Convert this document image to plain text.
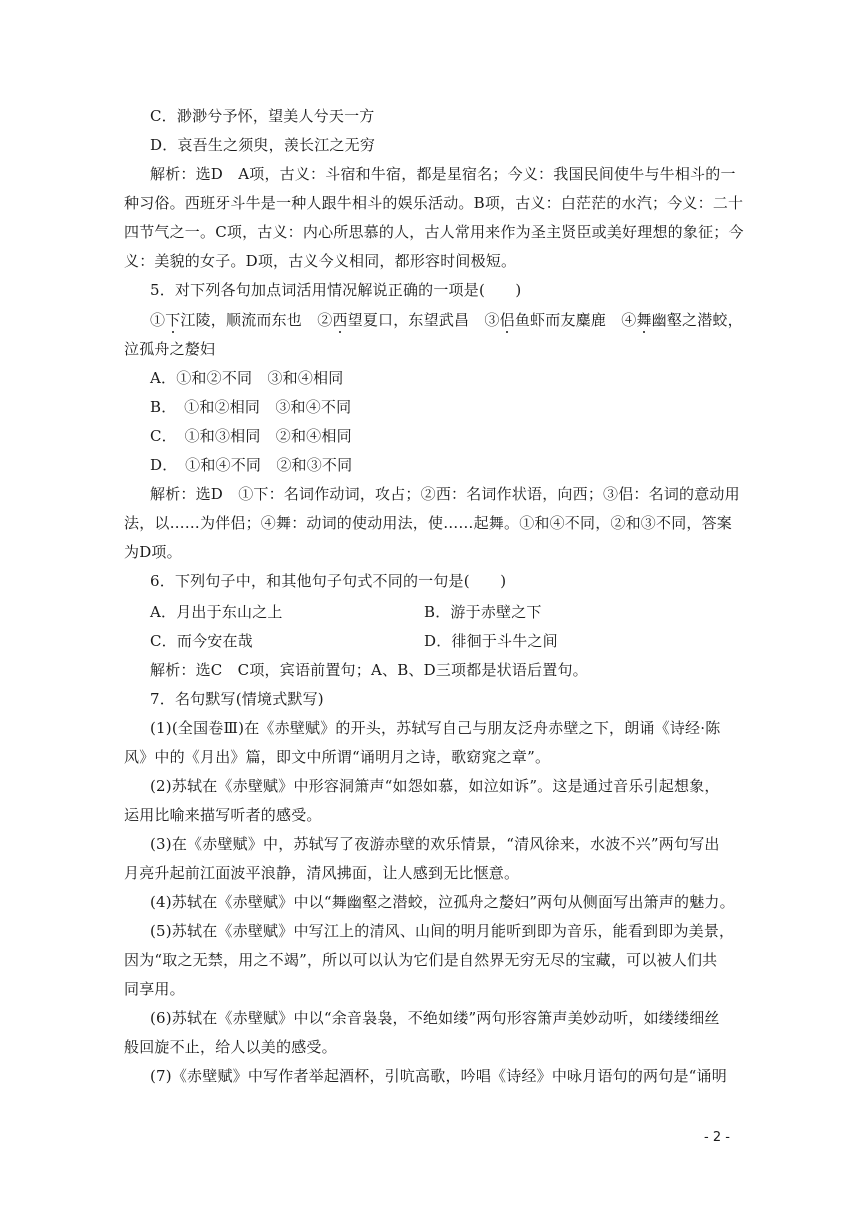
C．渺渺兮予怀，望美人兮天一方
D．哀吾生之须臾，羡长江之无穷
解析：选D　A项，古义：斗宿和牛宿，都是星宿名；今义：我国民间使牛与牛相斗的一
种习俗。西班牙斗牛是一种人跟牛相斗的娱乐活动。B项，古义：白茫茫的水汽；今义：二十
四节气之一。C项，古义：内心所思慕的人，古人常用来作为圣主贤臣或美好理想的象征；今
义：美貌的女子。D项，古义今义相同，都形容时间极短。
5．对下列各句加点词活用情况解说正确的一项是(　　)
①下江陵，顺流而东也　②西望夏口，东望武昌　③侣鱼虾而友麋鹿　④舞幽壑之潜蛟，
泣孤舟之嫠妇
A．①和②不同　③和④相同
B．　①和②相同　③和④不同
C．　①和③相同　②和④相同
D．　①和④不同　②和③不同
解析：选D　①下：名词作动词，攻占；②西：名词作状语，向西；③侣：名词的意动用
法，以……为伴侣；④舞：动词的使动用法，使……起舞。①和④不同，②和③不同，答案
为D项。
6．下列句子中，和其他句子句式不同的一句是(　　)
A．月出于东山之上	B．游于赤壁之下
C．而今安在哉	D．徘徊于斗牛之间
解析：选C　C项，宾语前置句；A、B、D三项都是状语后置句。
7．名句默写(情境式默写)
(1)(全国卷Ⅲ)在《赤壁赋》的开头，苏轼写自己与朋友泛舟赤壁之下，朗诵《诗经·陈
风》中的《月出》篇，即文中所谓“诵明月之诗，歌窈窕之章”。
(2)苏轼在《赤壁赋》中形容洞箫声“如怨如慕，如泣如诉”。这是通过音乐引起想象，
运用比喻来描写听者的感受。
(3)在《赤壁赋》中，苏轼写了夜游赤壁的欢乐情景，“清风徐来，水波不兴”两句写出
月亮升起前江面波平浪静，清风拂面，让人感到无比惬意。
(4)苏轼在《赤壁赋》中以“舞幽壑之潜蛟，泣孤舟之嫠妇”两句从侧面写出箫声的魅力。
(5)苏轼在《赤壁赋》中写江上的清风、山间的明月能听到即为音乐，能看到即为美景，
因为“取之无禁，用之不竭”，所以可以认为它们是自然界无穷无尽的宝藏，可以被人们共
同享用。
(6)苏轼在《赤壁赋》中以“余音袅袅，不绝如缕”两句形容箫声美妙动听，如缕缕细丝
般回旋不止，给人以美的感受。
(7)《赤壁赋》中写作者举起酒杯，引吭高歌，吟唱《诗经》中咏月语句的两句是“诵明
- 2 -
